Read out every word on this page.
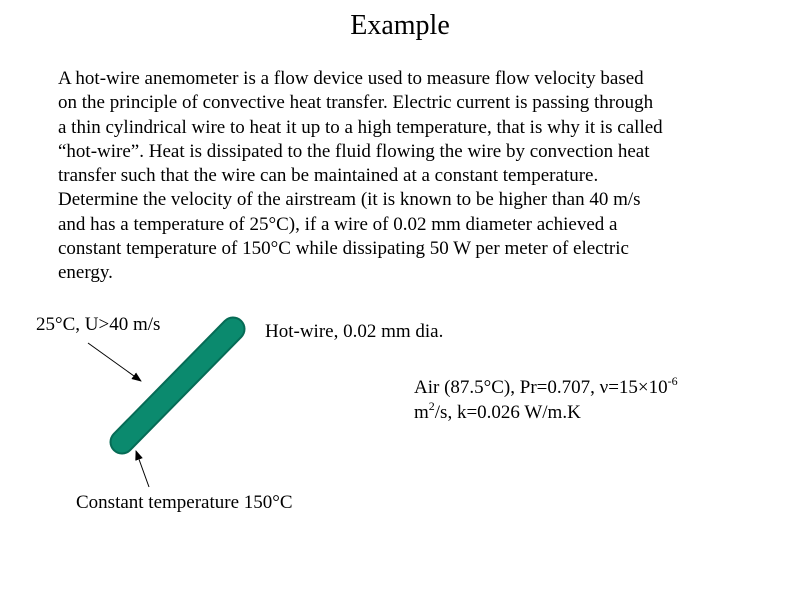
Example
A hot-wire anemometer is a flow device used to measure flow velocity based
on the principle of convective heat transfer. Electric current is passing through
a thin cylindrical wire to heat it up to a high temperature, that is why it is called
“hot-wire”. Heat is dissipated to the fluid flowing the wire by convection heat
transfer such that the wire can be maintained at a constant temperature.
Determine the velocity of the airstream (it is known to be higher than 40 m/s
and has a temperature of 25°C), if a wire of 0.02 mm diameter achieved a
constant temperature of 150°C while dissipating 50 W per meter of electric
energy.
25°C, U>40 m/s	Hot-wire, 0.02 mm dia.
Constant temperature 150°C
Air (87.5°C), Pr=0.707, $\nu=15\times 10^{-6}$
$m^2/s$, k=0.026 W/m.K
